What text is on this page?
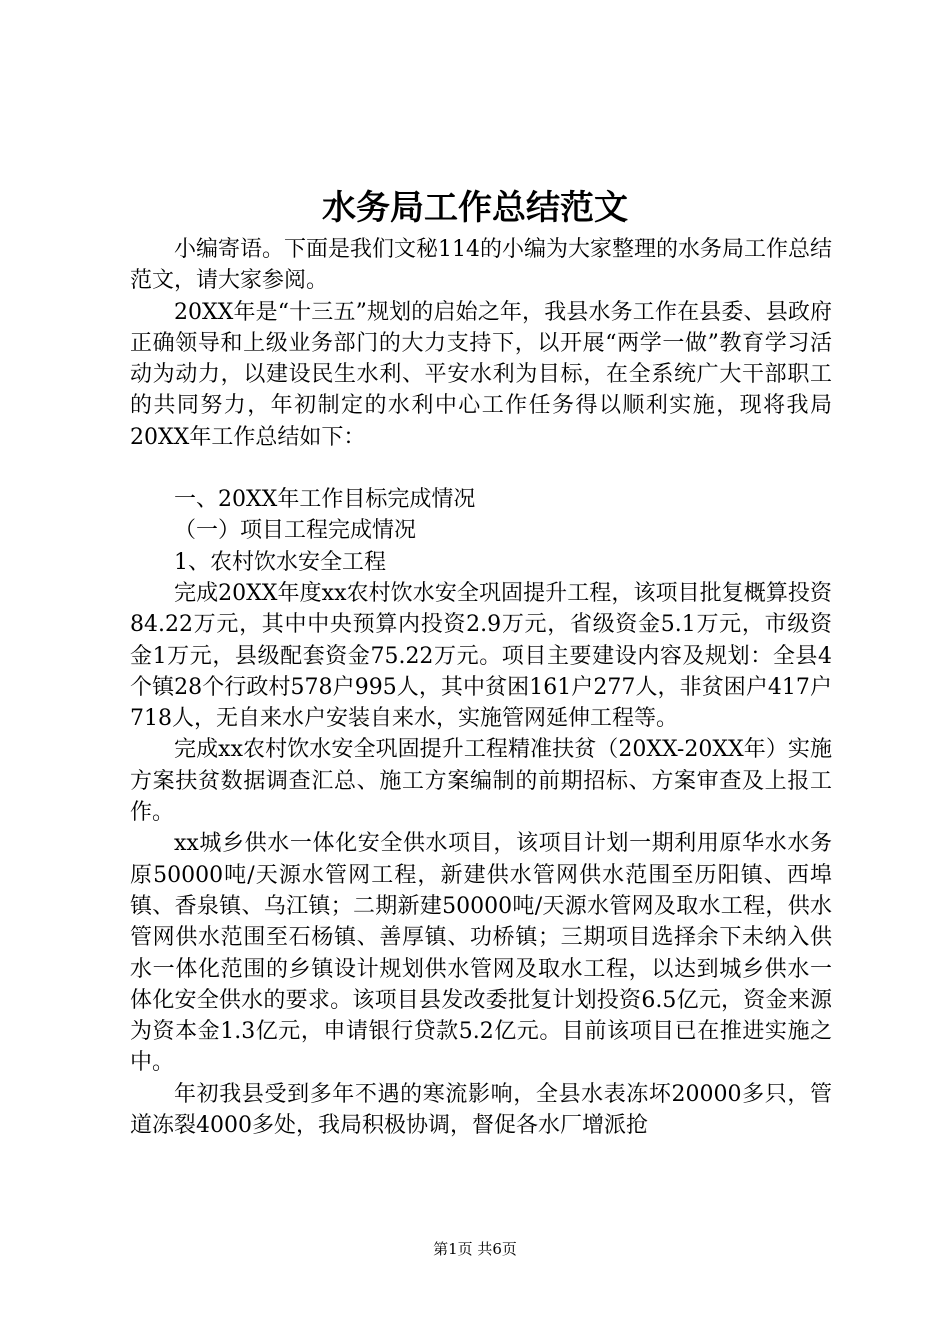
水务局工作总结范文

小编寄语。下面是我们文秘114的小编为大家整理的水务局工作总结范文，请大家参阅。

20XX年是“十三五”规划的启始之年，我县水务工作在县委、县政府正确领导和上级业务部门的大力支持下，以开展“两学一做”教育学习活动为动力，以建设民生水利、平安水利为目标，在全系统广大干部职工的共同努力，年初制定的水利中心工作任务得以顺利实施，现将我局20XX年工作总结如下：

一、20XX年工作目标完成情况

（一）项目工程完成情况

1、农村饮水安全工程

完成20XX年度xx农村饮水安全巩固提升工程，该项目批复概算投资84.22万元，其中中央预算内投资2.9万元，省级资金5.1万元，市级资金1万元，县级配套资金75.22万元。项目主要建设内容及规划：全县4个镇28个行政村578户995人，其中贫困161户277人，非贫困户417户718人，无自来水户安装自来水，实施管网延伸工程等。

完成xx农村饮水安全巩固提升工程精准扶贫（20XX-20XX年）实施方案扶贫数据调查汇总、施工方案编制的前期招标、方案审查及上报工作。

xx城乡供水一体化安全供水项目，该项目计划一期利用原华水水务原50000吨/天源水管网工程，新建供水管网供水范围至历阳镇、西埠镇、香泉镇、乌江镇；二期新建50000吨/天源水管网及取水工程，供水管网供水范围至石杨镇、善厚镇、功桥镇；三期项目选择余下未纳入供水一体化范围的乡镇设计规划供水管网及取水工程，以达到城乡供水一体化安全供水的要求。该项目县发改委批复计划投资6.5亿元，资金来源为资本金1.3亿元，申请银行贷款5.2亿元。目前该项目已在推进实施之中。

年初我县受到多年不遇的寒流影响，全县水表冻坏20000多只，管道冻裂4000多处，我局积极协调，督促各水厂增派抢

第1页 共6页
